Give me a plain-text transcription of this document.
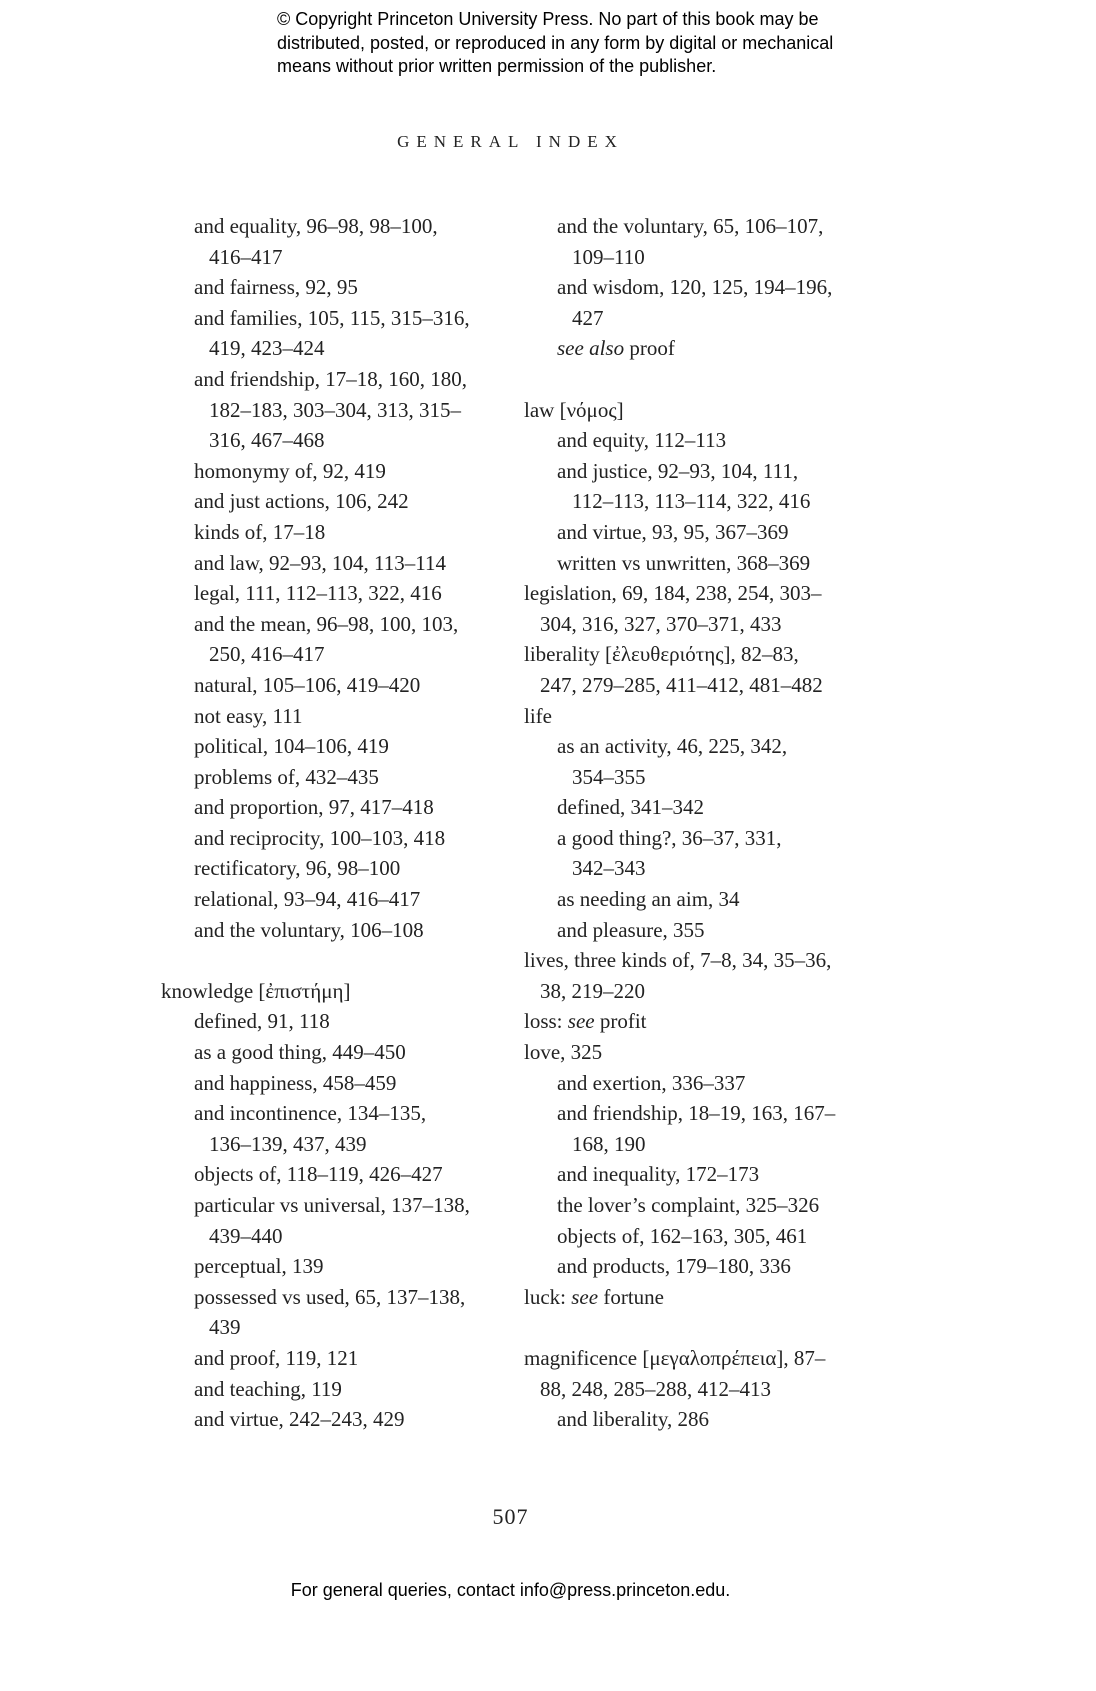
© Copyright Princeton University Press. No part of this book may be
distributed, posted, or reproduced in any form by digital or mechanical
means without prior written permission of the publisher.
GENERAL INDEX
and equality, 96–98, 98–100,
416–417
and fairness, 92, 95
and families, 105, 115, 315–316,
419, 423–424
and friendship, 17–18, 160, 180,
182–183, 303–304, 313, 315–
316, 467–468
homonymy of, 92, 419
and just actions, 106, 242
kinds of, 17–18
and law, 92–93, 104, 113–114
legal, 111, 112–113, 322, 416
and the mean, 96–98, 100, 103,
250, 416–417
natural, 105–106, 419–420
not easy, 111
political, 104–106, 419
problems of, 432–435
and proportion, 97, 417–418
and reciprocity, 100–103, 418
rectificatory, 96, 98–100
relational, 93–94, 416–417
and the voluntary, 106–108
knowledge [ἐπιστήμη]
defined, 91, 118
as a good thing, 449–450
and happiness, 458–459
and incontinence, 134–135,
136–139, 437, 439
objects of, 118–119, 426–427
particular vs universal, 137–138,
439–440
perceptual, 139
possessed vs used, 65, 137–138,
439
and proof, 119, 121
and teaching, 119
and virtue, 242–243, 429
and the voluntary, 65, 106–107,
109–110
and wisdom, 120, 125, 194–196,
427
see also proof
law [νόμος]
and equity, 112–113
and justice, 92–93, 104, 111,
112–113, 113–114, 322, 416
and virtue, 93, 95, 367–369
written vs unwritten, 368–369
legislation, 69, 184, 238, 254, 303–
304, 316, 327, 370–371, 433
liberality [ἐλευθεριότης], 82–83,
247, 279–285, 411–412, 481–482
life
as an activity, 46, 225, 342,
354–355
defined, 341–342
a good thing?, 36–37, 331,
342–343
as needing an aim, 34
and pleasure, 355
lives, three kinds of, 7–8, 34, 35–36,
38, 219–220
loss: see profit
love, 325
and exertion, 336–337
and friendship, 18–19, 163, 167–
168, 190
and inequality, 172–173
the lover’s complaint, 325–326
objects of, 162–163, 305, 461
and products, 179–180, 336
luck: see fortune
magnificence [μεγαλοπρέπεια], 87–
88, 248, 285–288, 412–413
and liberality, 286
507
For general queries, contact info@press.princeton.edu.
